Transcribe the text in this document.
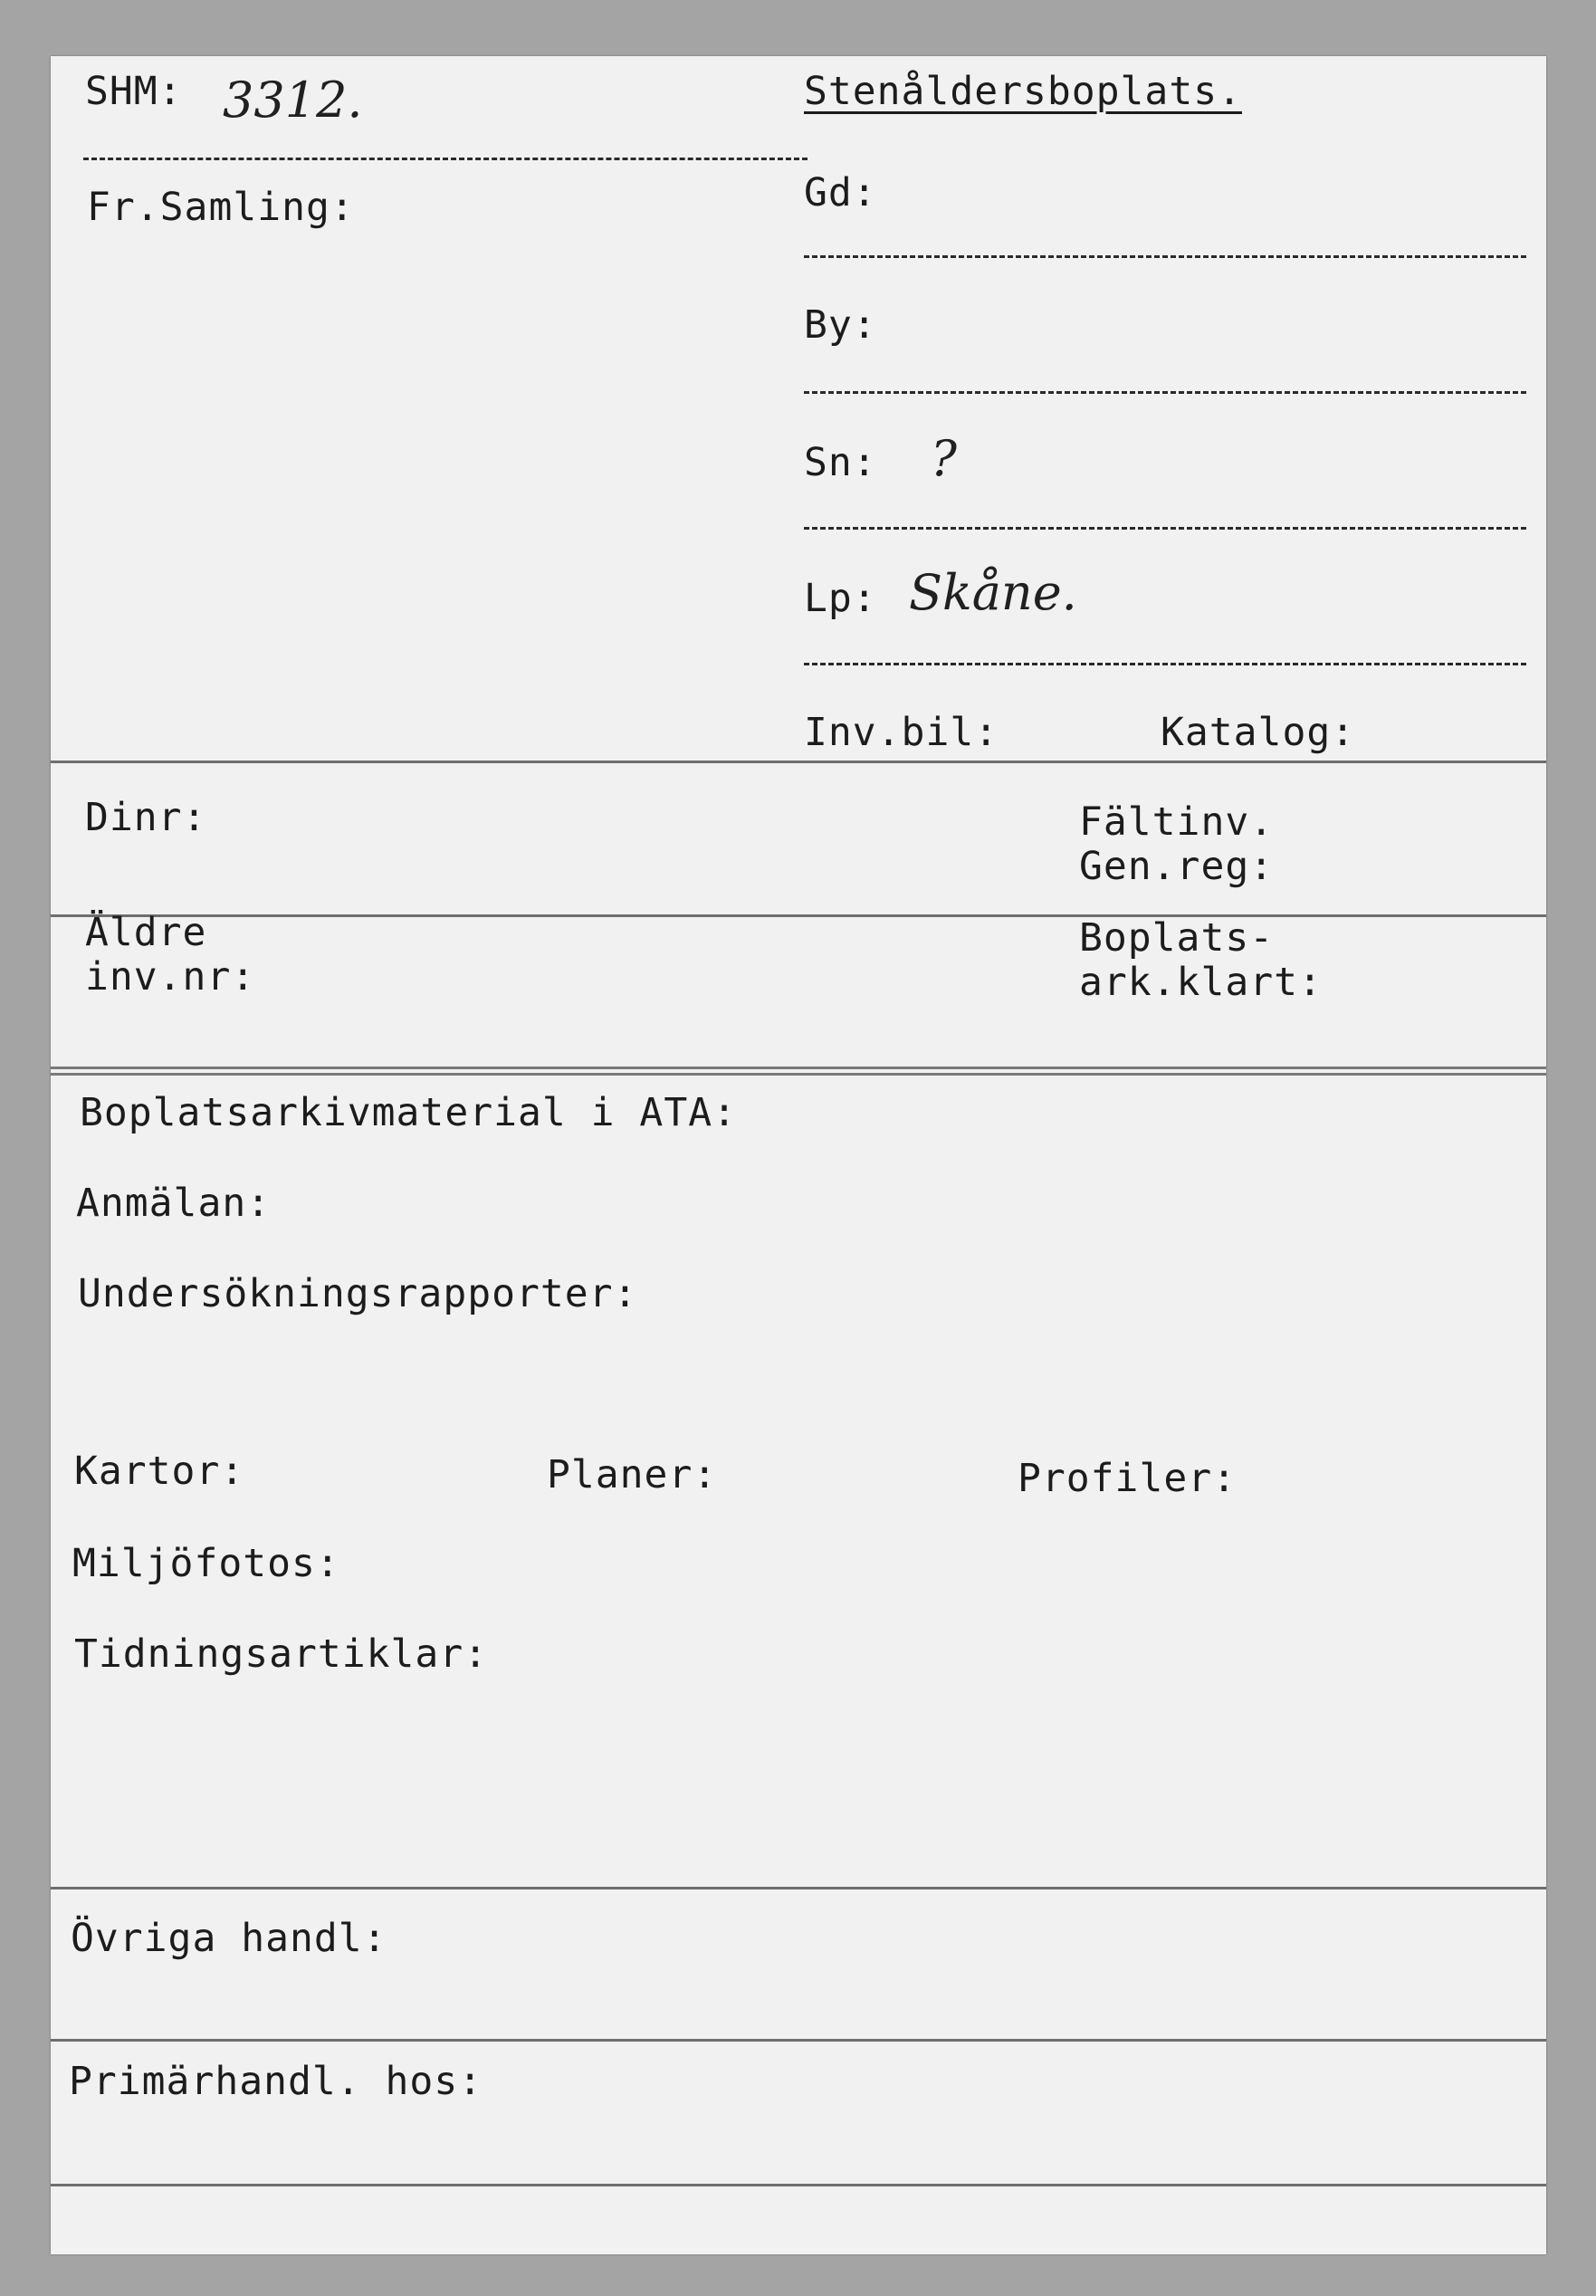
SHM: 3312.	Stenåldersboplats.
Fr.Samling:	Gd:
By:
Sn: ?
Lp: Skåne.
Inv.bil:	Katalog:
Dinr:	Fältinv.
Gen.reg:
Äldre
inv.nr:
Boplats-
ark.klart:
Boplatsarkivmaterial i ATA:
Anmälan:
Undersökningsrapporter:
Kartor:	Planer:	Profiler:
Miljöfotos:
Tidningsartiklar:
Övriga handl:
Primärhandl. hos:
